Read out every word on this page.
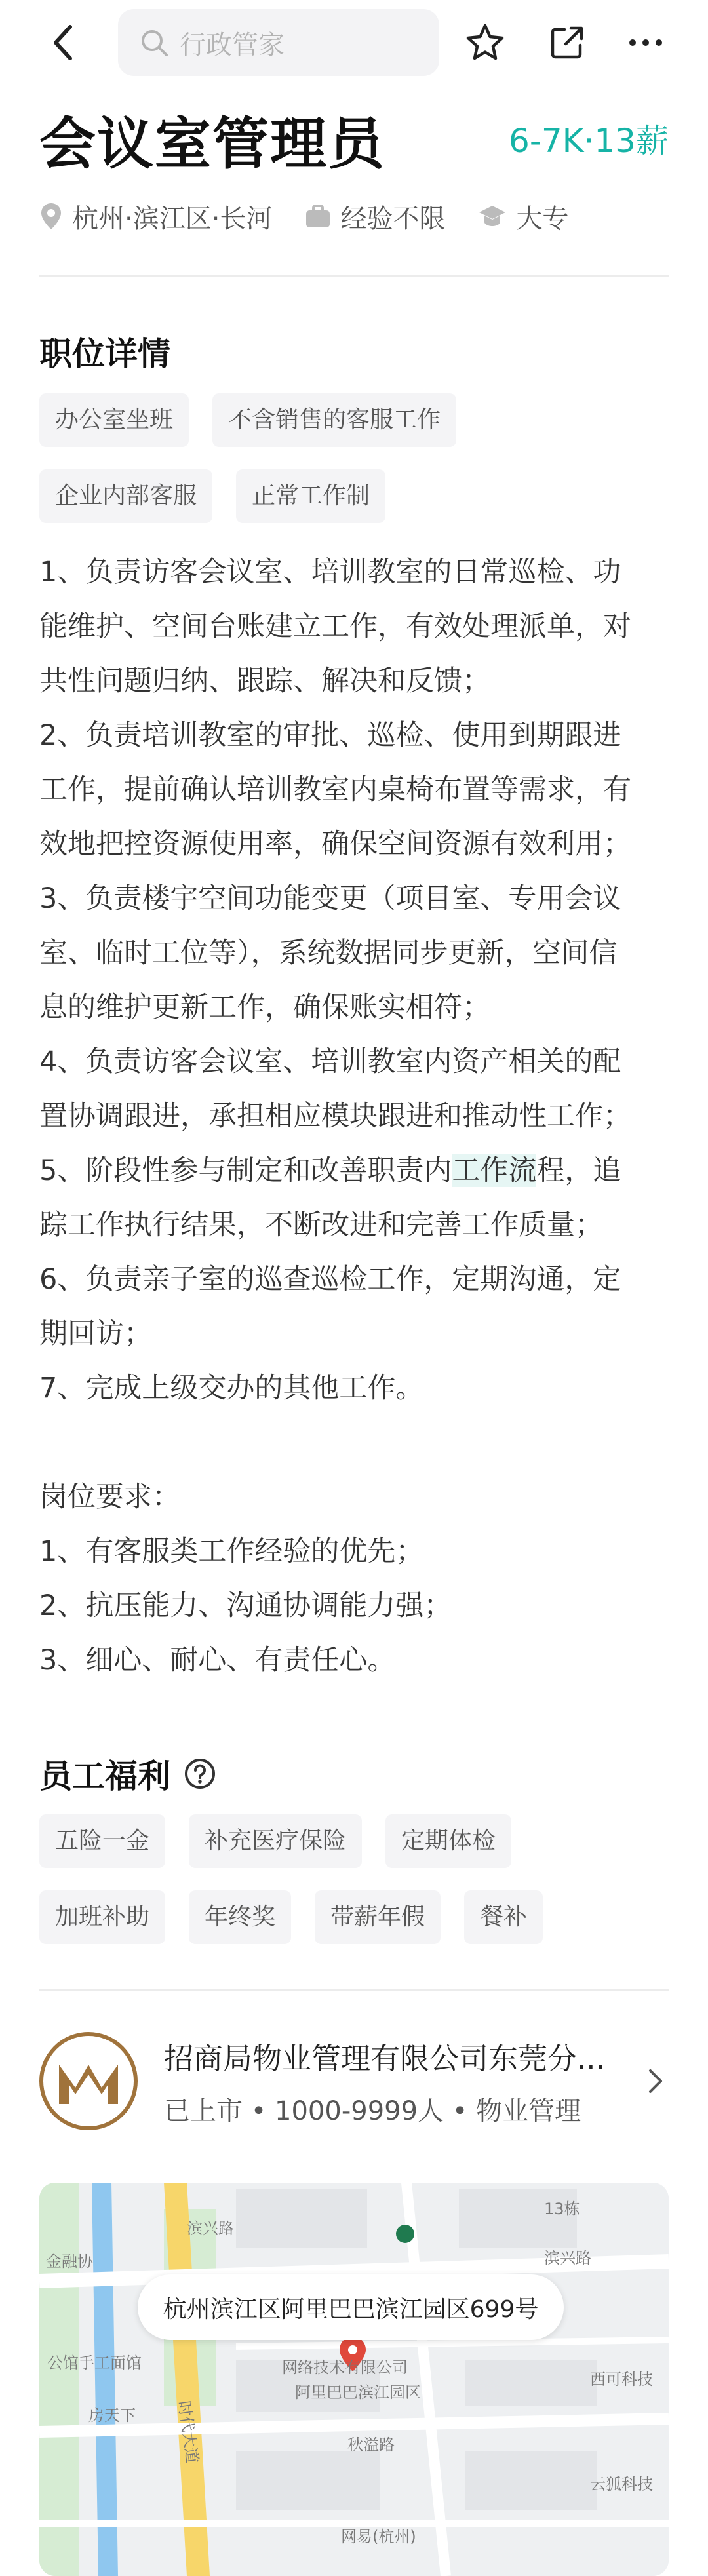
行政管家
会议室管理员	6-7K·13薪
杭州·滨江区·长河	经验不限	大专
职位详情
办公室坐班	不含销售的客服工作
企业内部客服	正常工作制

1、负责访客会议室、培训教室的日常巡检、功

能维护、空间台账建立工作，有效处理派单，对

共性问题归纳、跟踪、解决和反馈；

2、负责培训教室的审批、巡检、使用到期跟进

工作，提前确认培训教室内桌椅布置等需求，有

效地把控资源使用率，确保空间资源有效利用；

3、负责楼宇空间功能变更（项目室、专用会议

室、临时工位等），系统数据同步更新，空间信

息的维护更新工作，确保账实相符；

4、负责访客会议室、培训教室内资产相关的配

置协调跟进，承担相应模块跟进和推动性工作；

5、阶段性参与制定和改善职责内工作流程，追

踪工作执行结果，不断改进和完善工作质量；

6、负责亲子室的巡查巡检工作，定期沟通，定

期回访；

7、完成上级交办的其他工作。

岗位要求：

1、有客服类工作经验的优先；

2、抗压能力、沟通协调能力强；

3、细心、耐心、有责任心。

员工福利
五险一金	补充医疗保险	定期体检
加班补助	年终奖	带薪年假	餐补
招商局物业管理有限公司东莞分...
已上市 • 1000-9999人 • 物业管理
滨兴路
金融协	滨兴路
公馆手工面馆
时代大道
房天下
秋溢路
阿里巴巴滨江园区
网络技术有限公司
西可科技
云狐科技
网易(杭州)
13栋
杭州滨江区阿里巴巴滨江园区699号
